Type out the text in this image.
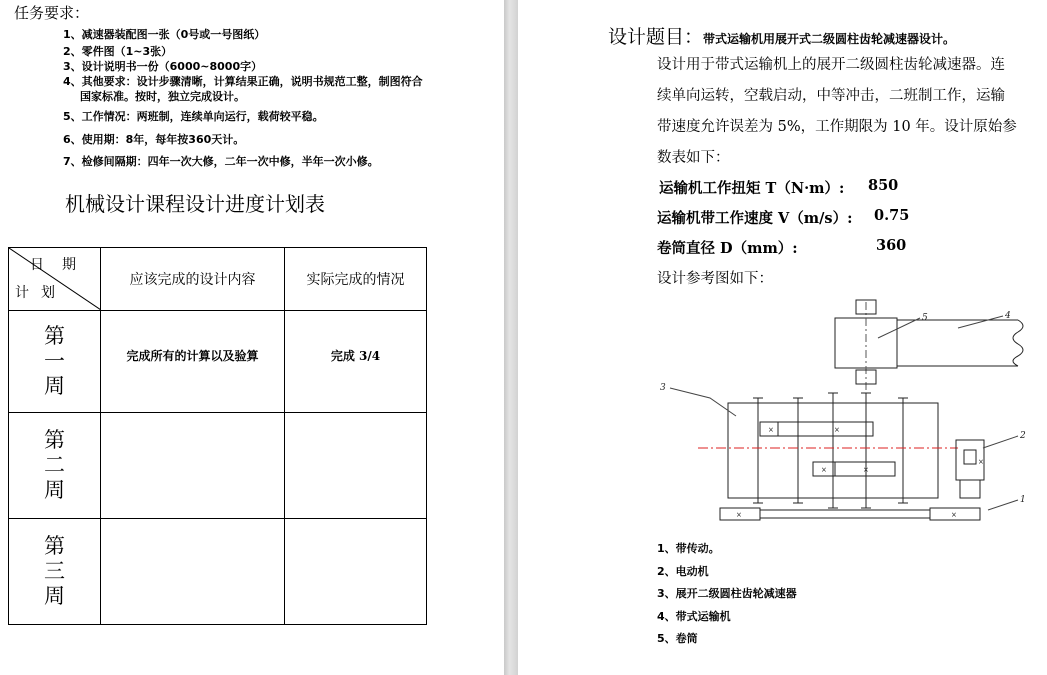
任务要求：
1、减速器装配图一张（0号或一号图纸）
2、零件图（1~3张）
3、设计说明书一份（6000~8000字）
4、其他要求：设计步骤清晰，计算结果正确，说明书规范工整，制图符合
国家标准。按时，独立完成设计。
5、工作情况：两班制，连续单向运行，载荷较平稳。
6、使用期：8年，每年按360天计。
7、检修间隔期：四年一次大修，二年一次中修，半年一次小修。
机械设计课程设计进度计划表
日期
计划	应该完成的设计内容	实际完成的情况

第
一
周	完成所有的计算以及验算	完成 3/4

第
二
周		

第
三
周		

设计题目：带式运输机用展开式二级圆柱齿轮减速器设计。
设计用于带式运输机上的展开二级圆柱齿轮减速器。连
续单向运转，空载启动，中等冲击，二班制工作，运输
带速度允许误差为 5%，工作期限为 10 年。设计原始参
数表如下：
运输机工作扭矩 T（N·m）: 850
运输机带工作速度 V（m/s）: 0.75
卷筒直径 D（mm）:	360
设计参考图如下：
×	×
×	×
×
×	×
3
2
1
4
5
1、带传动。
2、电动机
3、展开二级圆柱齿轮减速器
4、带式运输机
5、卷筒
